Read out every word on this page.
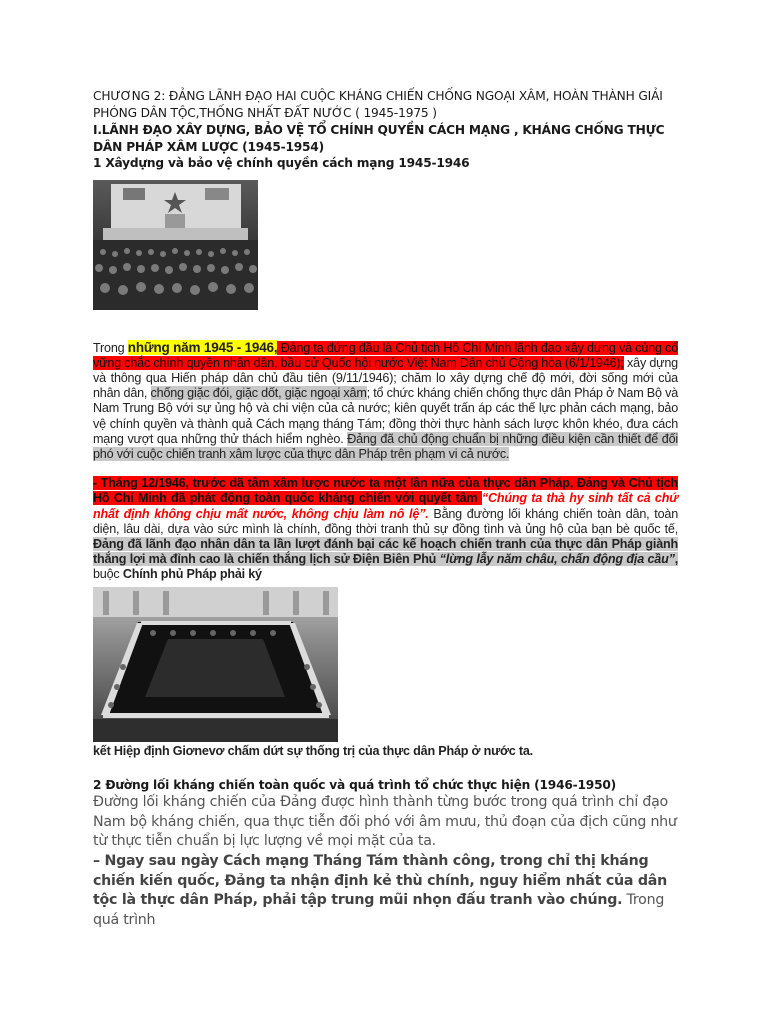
CHƯƠNG 2: ĐẢNG LÃNH ĐẠO HAI CUỘC KHÁNG CHIẾN CHỐNG NGOẠI XÂM, HOÀN THÀNH GIẢI PHÓNG DÂN TỘC,THỐNG NHẤT ĐẤT NƯỚC ( 1945-1975 )
I.LÃNH ĐẠO XÂY DỰNG, BẢO VỆ TỔ CHÍNH QUYỀN CÁCH MẠNG , KHÁNG CHỐNG THỰC DÂN PHÁP XÂM LƯỢC (1945-1954)
1 Xâydựng và bảo vệ chính quyền cách mạng 1945-1946
Trong những năm 1945 - 1946, Đảng ta đứng đầu là Chủ tịch Hồ Chí Minh lãnh đạo xây dựng và củng cố vững chắc chính quyền nhân dân, bầu cử Quốc hội nước Việt Nam Dân chủ Cộng hòa (6/1/1946); xây dựng và thông qua Hiến pháp dân chủ đầu tiên (9/11/1946); chăm lo xây dựng chế độ mới, đời sống mới của nhân dân, chống giặc đói, giặc dốt, giặc ngoại xâm; tổ chức kháng chiến chống thực dân Pháp ở Nam Bộ và Nam Trung Bộ với sự ủng hộ và chi viện của cả nước; kiên quyết trấn áp các thế lực phản cách mạng, bảo vệ chính quyền và thành quả Cách mạng tháng Tám; đồng thời thực hành sách lược khôn khéo, đưa cách mạng vượt qua những thử thách hiểm nghèo. Đảng đã chủ động chuẩn bị những điều kiện cần thiết để đối phó với cuộc chiến tranh xâm lược của thực dân Pháp trên phạm vi cả nước.
- Tháng 12/1946, trước dã tâm xâm lược nước ta một lần nữa của thực dân Pháp, Đảng và Chủ tịch Hồ Chí Minh đã phát động toàn quốc kháng chiến với quyết tâm “Chúng ta thà hy sinh tất cả chứ nhất định không chịu mất nước, không chịu làm nô lệ”. Bằng đường lối kháng chiến toàn dân, toàn diện, lâu dài, dựa vào sức mình là chính, đồng thời tranh thủ sự đồng tình và ủng hộ của bạn bè quốc tế, Đảng đã lãnh đạo nhân dân ta lần lượt đánh bại các kế hoạch chiến tranh của thực dân Pháp giành thắng lợi mà đỉnh cao là chiến thắng lịch sử Điện Biên Phủ “lừng lẫy năm châu, chấn động địa cầu”, buộc Chính phủ Pháp phải ký
kết Hiệp định Giơnevơ chấm dứt sự thống trị của thực dân Pháp ở nước ta.
2 Đường lối kháng chiến toàn quốc và quá trình tổ chức thực hiện (1946-1950)
Đường lối kháng chiến của Đảng được hình thành từng bước trong quá trình chỉ đạo Nam bộ kháng chiến, qua thực tiễn đối phó với âm mưu, thủ đoạn của địch cũng như từ thực tiễn chuẩn bị lực lượng về mọi mặt của ta.
– Ngay sau ngày Cách mạng Tháng Tám thành công, trong chỉ thị kháng chiến kiến quốc, Đảng ta nhận định kẻ thù chính, nguy hiểm nhất của dân tộc là thực dân Pháp, phải tập trung mũi nhọn đấu tranh vào chúng. Trong quá trình
